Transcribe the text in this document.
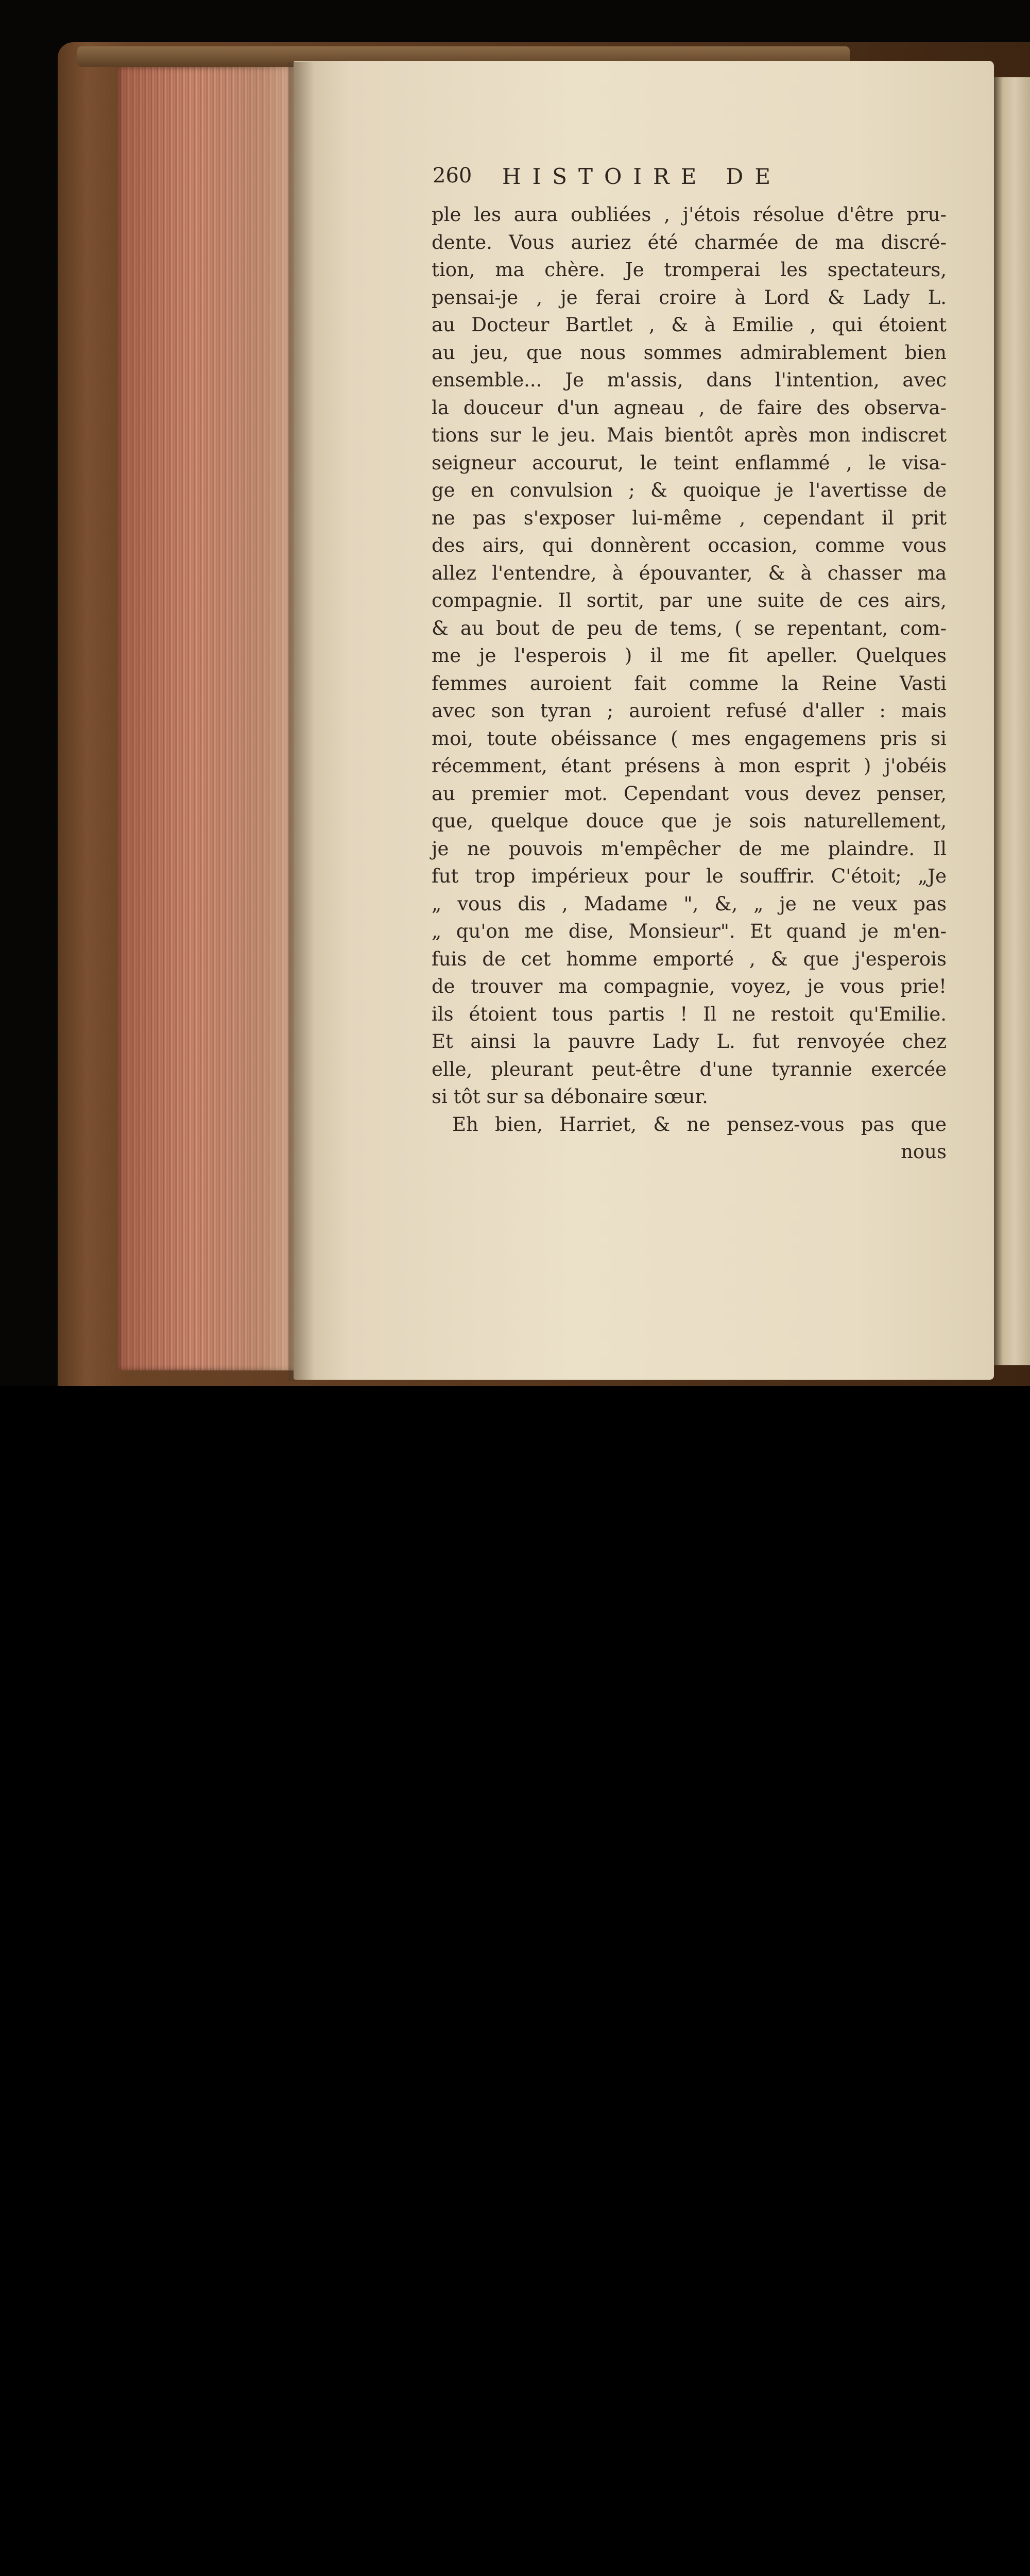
260 HISTOIRE DE
ple les aura oubliées , j'étois résolue d'être pru-
dente. Vous auriez été charmée de ma discré-
tion, ma chère. Je tromperai les spectateurs,
pensai-je , je ferai croire à Lord & Lady L.
au Docteur Bartlet , & à Emilie , qui étoient
au jeu, que nous sommes admirablement bien
ensemble... Je m'assis, dans l'intention, avec
la douceur d'un agneau , de faire des observa-
tions sur le jeu. Mais bientôt après mon indiscret
seigneur accourut, le teint enflammé , le visa-
ge en convulsion ; & quoique je l'avertisse de
ne pas s'exposer lui-même , cependant il prit
des airs, qui donnèrent occasion, comme vous
allez l'entendre, à épouvanter, & à chasser ma
compagnie. Il sortit, par une suite de ces airs,
& au bout de peu de tems, ( se repentant, com-
me je l'esperois ) il me fit apeller. Quelques
femmes auroient fait comme la Reine Vasti
avec son tyran ; auroient refusé d'aller : mais
moi, toute obéissance ( mes engagemens pris si
récemment, étant présens à mon esprit ) j'obéis
au premier mot. Cependant vous devez penser,
que, quelque douce que je sois naturellement,
je ne pouvois m'empêcher de me plaindre. Il
fut trop impérieux pour le souffrir. C'étoit; „Je
„ vous dis , Madame ", &, „ je ne veux pas
„ qu'on me dise, Monsieur". Et quand je m'en-
fuis de cet homme emporté , & que j'esperois
de trouver ma compagnie, voyez, je vous prie!
ils étoient tous partis ! Il ne restoit qu'Emilie.
Et ainsi la pauvre Lady L. fut renvoyée chez
elle, pleurant peut-être d'une tyrannie exercée
si tôt sur sa débonaire sœur.
Eh bien, Harriet, & ne pensez-vous pas que
nous
